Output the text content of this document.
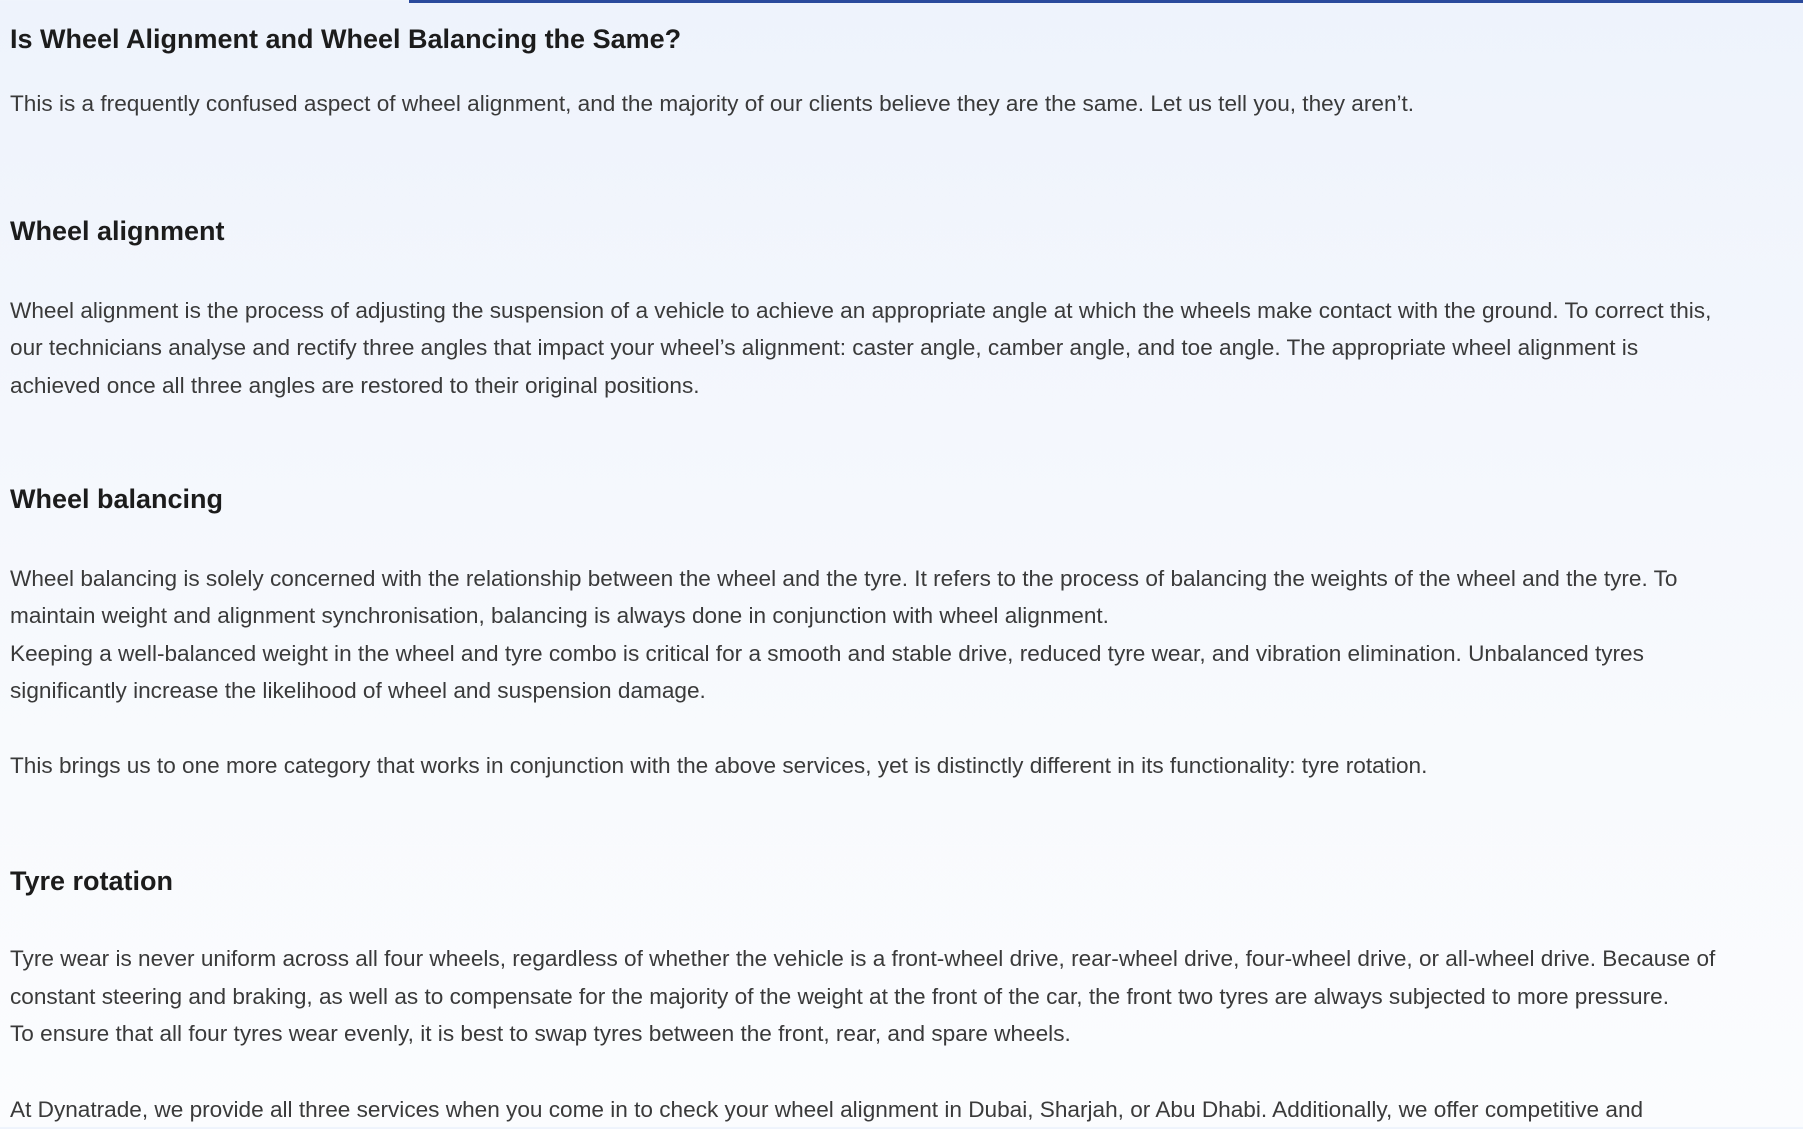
Is Wheel Alignment and Wheel Balancing the Same?

This is a frequently confused aspect of wheel alignment, and the majority of our clients believe they are the same. Let us tell you, they aren’t.

Wheel alignment

Wheel alignment is the process of adjusting the suspension of a vehicle to achieve an appropriate angle at which the wheels make contact with the ground. To correct this,

our technicians analyse and rectify three angles that impact your wheel’s alignment: caster angle, camber angle, and toe angle. The appropriate wheel alignment is

achieved once all three angles are restored to their original positions.

Wheel balancing

Wheel balancing is solely concerned with the relationship between the wheel and the tyre. It refers to the process of balancing the weights of the wheel and the tyre. To

maintain weight and alignment synchronisation, balancing is always done in conjunction with wheel alignment.

Keeping a well-balanced weight in the wheel and tyre combo is critical for a smooth and stable drive, reduced tyre wear, and vibration elimination. Unbalanced tyres

significantly increase the likelihood of wheel and suspension damage.

This brings us to one more category that works in conjunction with the above services, yet is distinctly different in its functionality: tyre rotation.

Tyre rotation

Tyre wear is never uniform across all four wheels, regardless of whether the vehicle is a front-wheel drive, rear-wheel drive, four-wheel drive, or all-wheel drive. Because of

constant steering and braking, as well as to compensate for the majority of the weight at the front of the car, the front two tyres are always subjected to more pressure.

To ensure that all four tyres wear evenly, it is best to swap tyres between the front, rear, and spare wheels.

At Dynatrade, we provide all three services when you come in to check your wheel alignment in Dubai, Sharjah, or Abu Dhabi. Additionally, we offer competitive and
